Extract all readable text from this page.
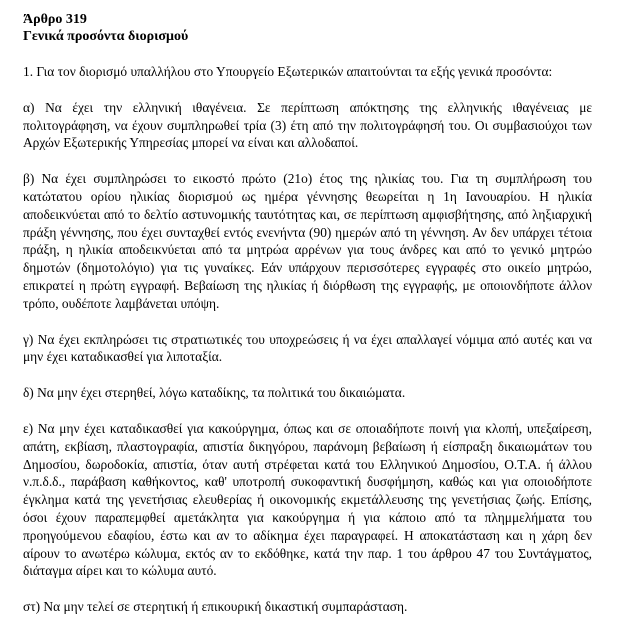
Άρθρο 319

Γενικά προσόντα διορισμού

1. Για τον διορισμό υπαλλήλου στο Υπουργείο Εξωτερικών απαιτούνται τα εξής γενικά προσόντα:

α) Να έχει την ελληνική ιθαγένεια. Σε περίπτωση απόκτησης της ελληνικής ιθαγένειας με πολιτογράφηση, να έχουν συμπληρωθεί τρία (3) έτη από την πολιτογράφησή του. Οι συμβασιούχοι των Αρχών Εξωτερικής Υπηρεσίας μπορεί να είναι και αλλοδαποί.

β) Να έχει συμπληρώσει το εικοστό πρώτο (21ο) έτος της ηλικίας του. Για τη συμπλήρωση του κατώτατου ορίου ηλικίας διορισμού ως ημέρα γέννησης θεωρείται η 1η Ιανουαρίου. Η ηλικία αποδεικνύεται από το δελτίο αστυνομικής ταυτότητας και, σε περίπτωση αμφισβήτησης, από ληξιαρχική πράξη γέννησης, που έχει συνταχθεί εντός ενενήντα (90) ημερών από τη γέννηση. Αν δεν υπάρχει τέτοια πράξη, η ηλικία αποδεικνύεται από τα μητρώα αρρένων για τους άνδρες και από το γενικό μητρώο δημοτών (δημοτολόγιο) για τις γυναίκες. Εάν υπάρχουν περισσότερες εγγραφές στο οικείο μητρώο, επικρατεί η πρώτη εγγραφή. Βεβαίωση της ηλικίας ή διόρθωση της εγγραφής, με οποιονδήποτε άλλον τρόπο, ουδέποτε λαμβάνεται υπόψη.

γ) Να έχει εκπληρώσει τις στρατιωτικές του υποχρεώσεις ή να έχει απαλλαγεί νόμιμα από αυτές και να μην έχει καταδικασθεί για λιποταξία.

δ) Να μην έχει στερηθεί, λόγω καταδίκης, τα πολιτικά του δικαιώματα.

ε) Να μην έχει καταδικασθεί για κακούργημα, όπως και σε οποιαδήποτε ποινή για κλοπή, υπεξαίρεση, απάτη, εκβίαση, πλαστογραφία, απιστία δικηγόρου, παράνομη βεβαίωση ή είσπραξη δικαιωμάτων του Δημοσίου, δωροδοκία, απιστία, όταν αυτή στρέφεται κατά του Ελληνικού Δημοσίου, Ο.Τ.Α. ή άλλου ν.π.δ.δ., παράβαση καθήκοντος, καθ' υποτροπή συκοφαντική δυσφήμηση, καθώς και για οποιοδήποτε έγκλημα κατά της γενετήσιας ελευθερίας ή οικονομικής εκμετάλλευσης της γενετήσιας ζωής. Επίσης, όσοι έχουν παραπεμφθεί αμετάκλητα για κακούργημα ή για κάποιο από τα πλημμελήματα του προηγούμενου εδαφίου, έστω και αν το αδίκημα έχει παραγραφεί. Η αποκατάσταση και η χάρη δεν αίρουν το ανωτέρω κώλυμα, εκτός αν το εκδόθηκε, κατά την παρ. 1 του άρθρου 47 του Συντάγματος, διάταγμα αίρει και το κώλυμα αυτό.

στ) Να μην τελεί σε στερητική ή επικουρική δικαστική συμπαράσταση.
